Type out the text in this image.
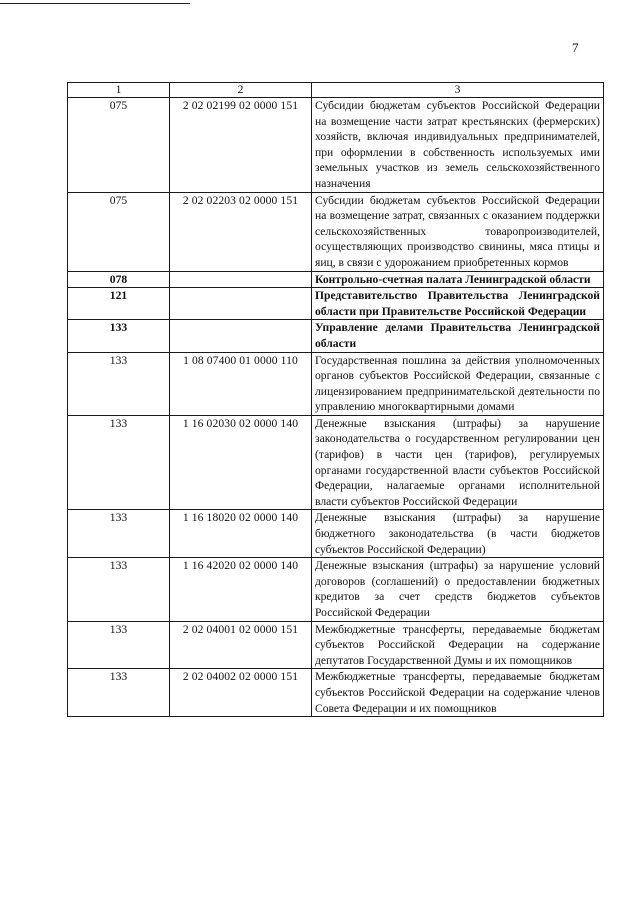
7
1	2	3
075	2 02 02199 02 0000 151	Субсидии бюджетам субъектов Российской Федерации на возмещение части затрат крестьянских (фермерских) хозяйств, включая индивидуальных предпринимателей, при оформлении в собственность используемых ими земельных участков из земель сельскохозяйственного назначения
075	2 02 02203 02 0000 151	Субсидии бюджетам субъектов Российской Федерации на возмещение затрат, связанных с оказанием поддержки сельскохозяйственных товаропроизводителей, осуществляющих производство свинины, мяса птицы и яиц, в связи с удорожанием приобретенных кормов
078		Контрольно-счетная палата Ленинградской области
121		Представительство Правительства Ленинградской области при Правительстве Российской Федерации
133		Управление делами Правительства Ленинградской области
133	1 08 07400 01 0000 110	Государственная пошлина за действия уполномоченных органов субъектов Российской Федерации, связанные с лицензированием предпринимательской деятельности по управлению многоквартирными домами
133	1 16 02030 02 0000 140	Денежные взыскания (штрафы) за нарушение законодательства о государственном регулировании цен (тарифов) в части цен (тарифов), регулируемых органами государственной власти субъектов Российской Федерации, налагаемые органами исполнительной власти субъектов Российской Федерации
133	1 16 18020 02 0000 140	Денежные взыскания (штрафы) за нарушение бюджетного законодательства (в части бюджетов субъектов Российской Федерации)
133	1 16 42020 02 0000 140	Денежные взыскания (штрафы) за нарушение условий договоров (соглашений) о предоставлении бюджетных кредитов за счет средств бюджетов субъектов Российской Федерации
133	2 02 04001 02 0000 151	Межбюджетные трансферты, передаваемые бюджетам субъектов Российской Федерации на содержание депутатов Государственной Думы и их помощников
133	2 02 04002 02 0000 151	Межбюджетные трансферты, передаваемые бюджетам субъектов Российской Федерации на содержание членов Совета Федерации и их помощников
